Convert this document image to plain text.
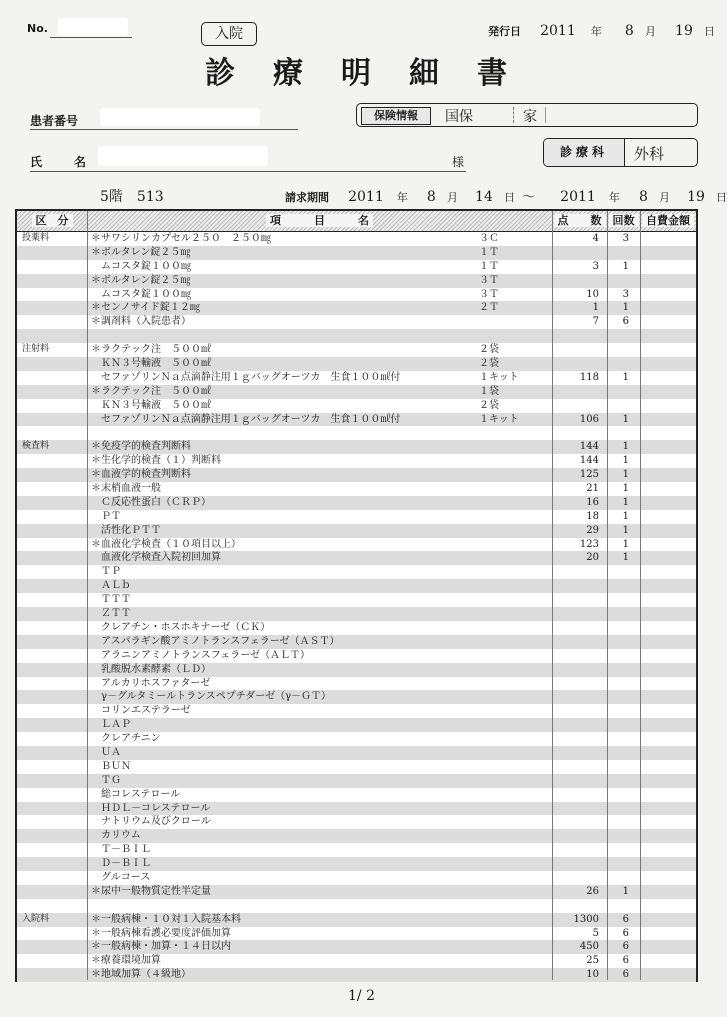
No.	入院
診療明細書
発行日 2011 年 8 月 19 日
患者番号	保険情報	国保	家
診療科	外科
氏　名	様
5階　513	請求期間 2011 年 8 月 14 日 ～ 2011 年 8 月 19 日
区　分	項　　　目　　　名	点　　数	回数	自費金額
投薬料	＊ サワシリンカプセル２５０　２５０㎎	３Ｃ	4	3
＊ ボルタレン錠２５㎎	１Ｔ
ムコスタ錠１００㎎	１Ｔ	3	1
＊ ボルタレン錠２５㎎	３Ｔ
ムコスタ錠１００㎎	３Ｔ	10	3
＊ センノサイド錠１２㎎	２Ｔ	1	1
＊ 調剤料（入院患者）	7	6
注射料	＊ ラクテック注　５００㎖	２袋
ＫＮ３号輸液　５００㎖	２袋
セファゾリンＮａ点滴静注用１ｇバッグオーツカ　生食１００㎖付	１キット	118	1
＊ ラクテック注　５００㎖	１袋
ＫＮ３号輸液　５００㎖	２袋
セファゾリンＮａ点滴静注用１ｇバッグオーツカ　生食１００㎖付	１キット	106	1
検査料	＊ 免疫学的検査判断料	144	1
＊ 生化学的検査（１）判断料	144	1
＊ 血液学的検査判断料	125	1
＊ 末梢血液一般	21	1
Ｃ反応性蛋白（ＣＲＰ）	16	1
ＰＴ	18	1
活性化ＰＴＴ	29	1
＊ 血液化学検査（１０項目以上）	123	1
血液化学検査入院初回加算	20	1
ＴＰ
ＡＬｂ
ＴＴＴ
ＺＴＴ
クレアチン・ホスホキナーゼ（ＣＫ）
アスパラギン酸アミノトランスフェラーゼ（ＡＳＴ）
アラニンアミノトランスフェラーゼ（ＡＬＴ）
乳酸脱水素酵素（ＬＤ）
アルカリホスファターゼ
γ－グルタミールトランスペプチダーゼ（γ－ＧＴ）
コリンエステラーゼ
ＬＡＰ
クレアチニン
ＵＡ
ＢＵＮ
ＴＧ
総コレステロール
ＨＤＬ－コレステロール
ナトリウム及びクロール
カリウム
Ｔ－ＢＩＬ
Ｄ－ＢＩＬ
グルコース
＊ 尿中一般物質定性半定量	26	1
入院料	＊ 一般病棟・１０対１入院基本料	1300	6
＊ 一般病棟看護必要度評価加算	5	6
＊ 一般病棟・加算・１４日以内	450	6
＊ 療養環境加算	25	6
＊ 地域加算（４級地）	10	6
1/ 2
